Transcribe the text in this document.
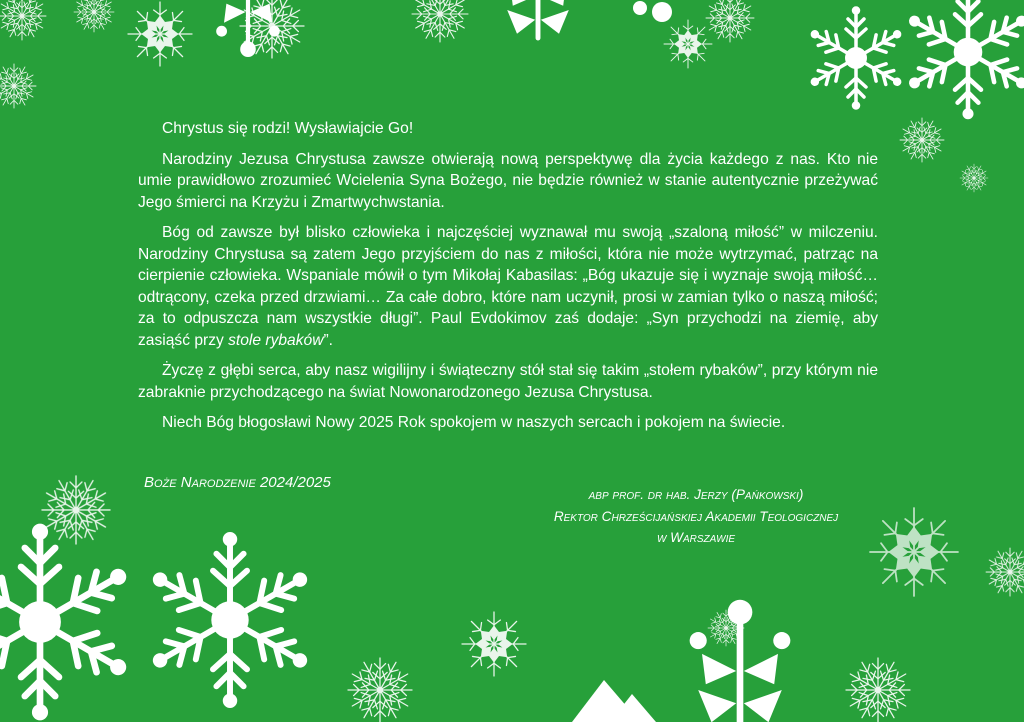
Chrystus się rodzi! Wysławiajcie Go!

Narodziny Jezusa Chrystusa zawsze otwierają nową perspektywę dla życia każdego z nas. Kto nie umie prawidłowo zrozumieć Wcielenia Syna Bożego, nie będzie również w stanie autentycznie przeżywać Jego śmierci na Krzyżu i Zmartwychwstania.

Bóg od zawsze był blisko człowieka i najczęściej wyznawał mu swoją „szaloną miłość” w milczeniu. Narodziny Chrystusa są zatem Jego przyjściem do nas z miłości, która nie może wytrzymać, patrząc na cierpienie człowieka. Wspaniale mówił o tym Mikołaj Kabasilas: „Bóg ukazuje się i wyznaje swoją miłość… odtrącony, czeka przed drzwiami… Za całe dobro, które nam uczynił, prosi w zamian tylko o naszą miłość; za to odpuszcza nam wszystkie długi”. Paul Evdokimov zaś dodaje: „Syn przychodzi na ziemię, aby zasiąść przy stole rybaków”.

Życzę z głębi serca, aby nasz wigilijny i świąteczny stół stał się takim „stołem rybaków”, przy którym nie zabraknie przychodzącego na świat Nowonarodzonego Jezusa Chrystusa.

Niech Bóg błogosławi Nowy 2025 Rok spokojem w naszych sercach i pokojem na świecie.

Boże Narodzenie 2024/2025
abp prof. dr hab. Jerzy (Pańkowski)
Rektor Chrześcijańskiej Akademii Teologicznej
w Warszawie
